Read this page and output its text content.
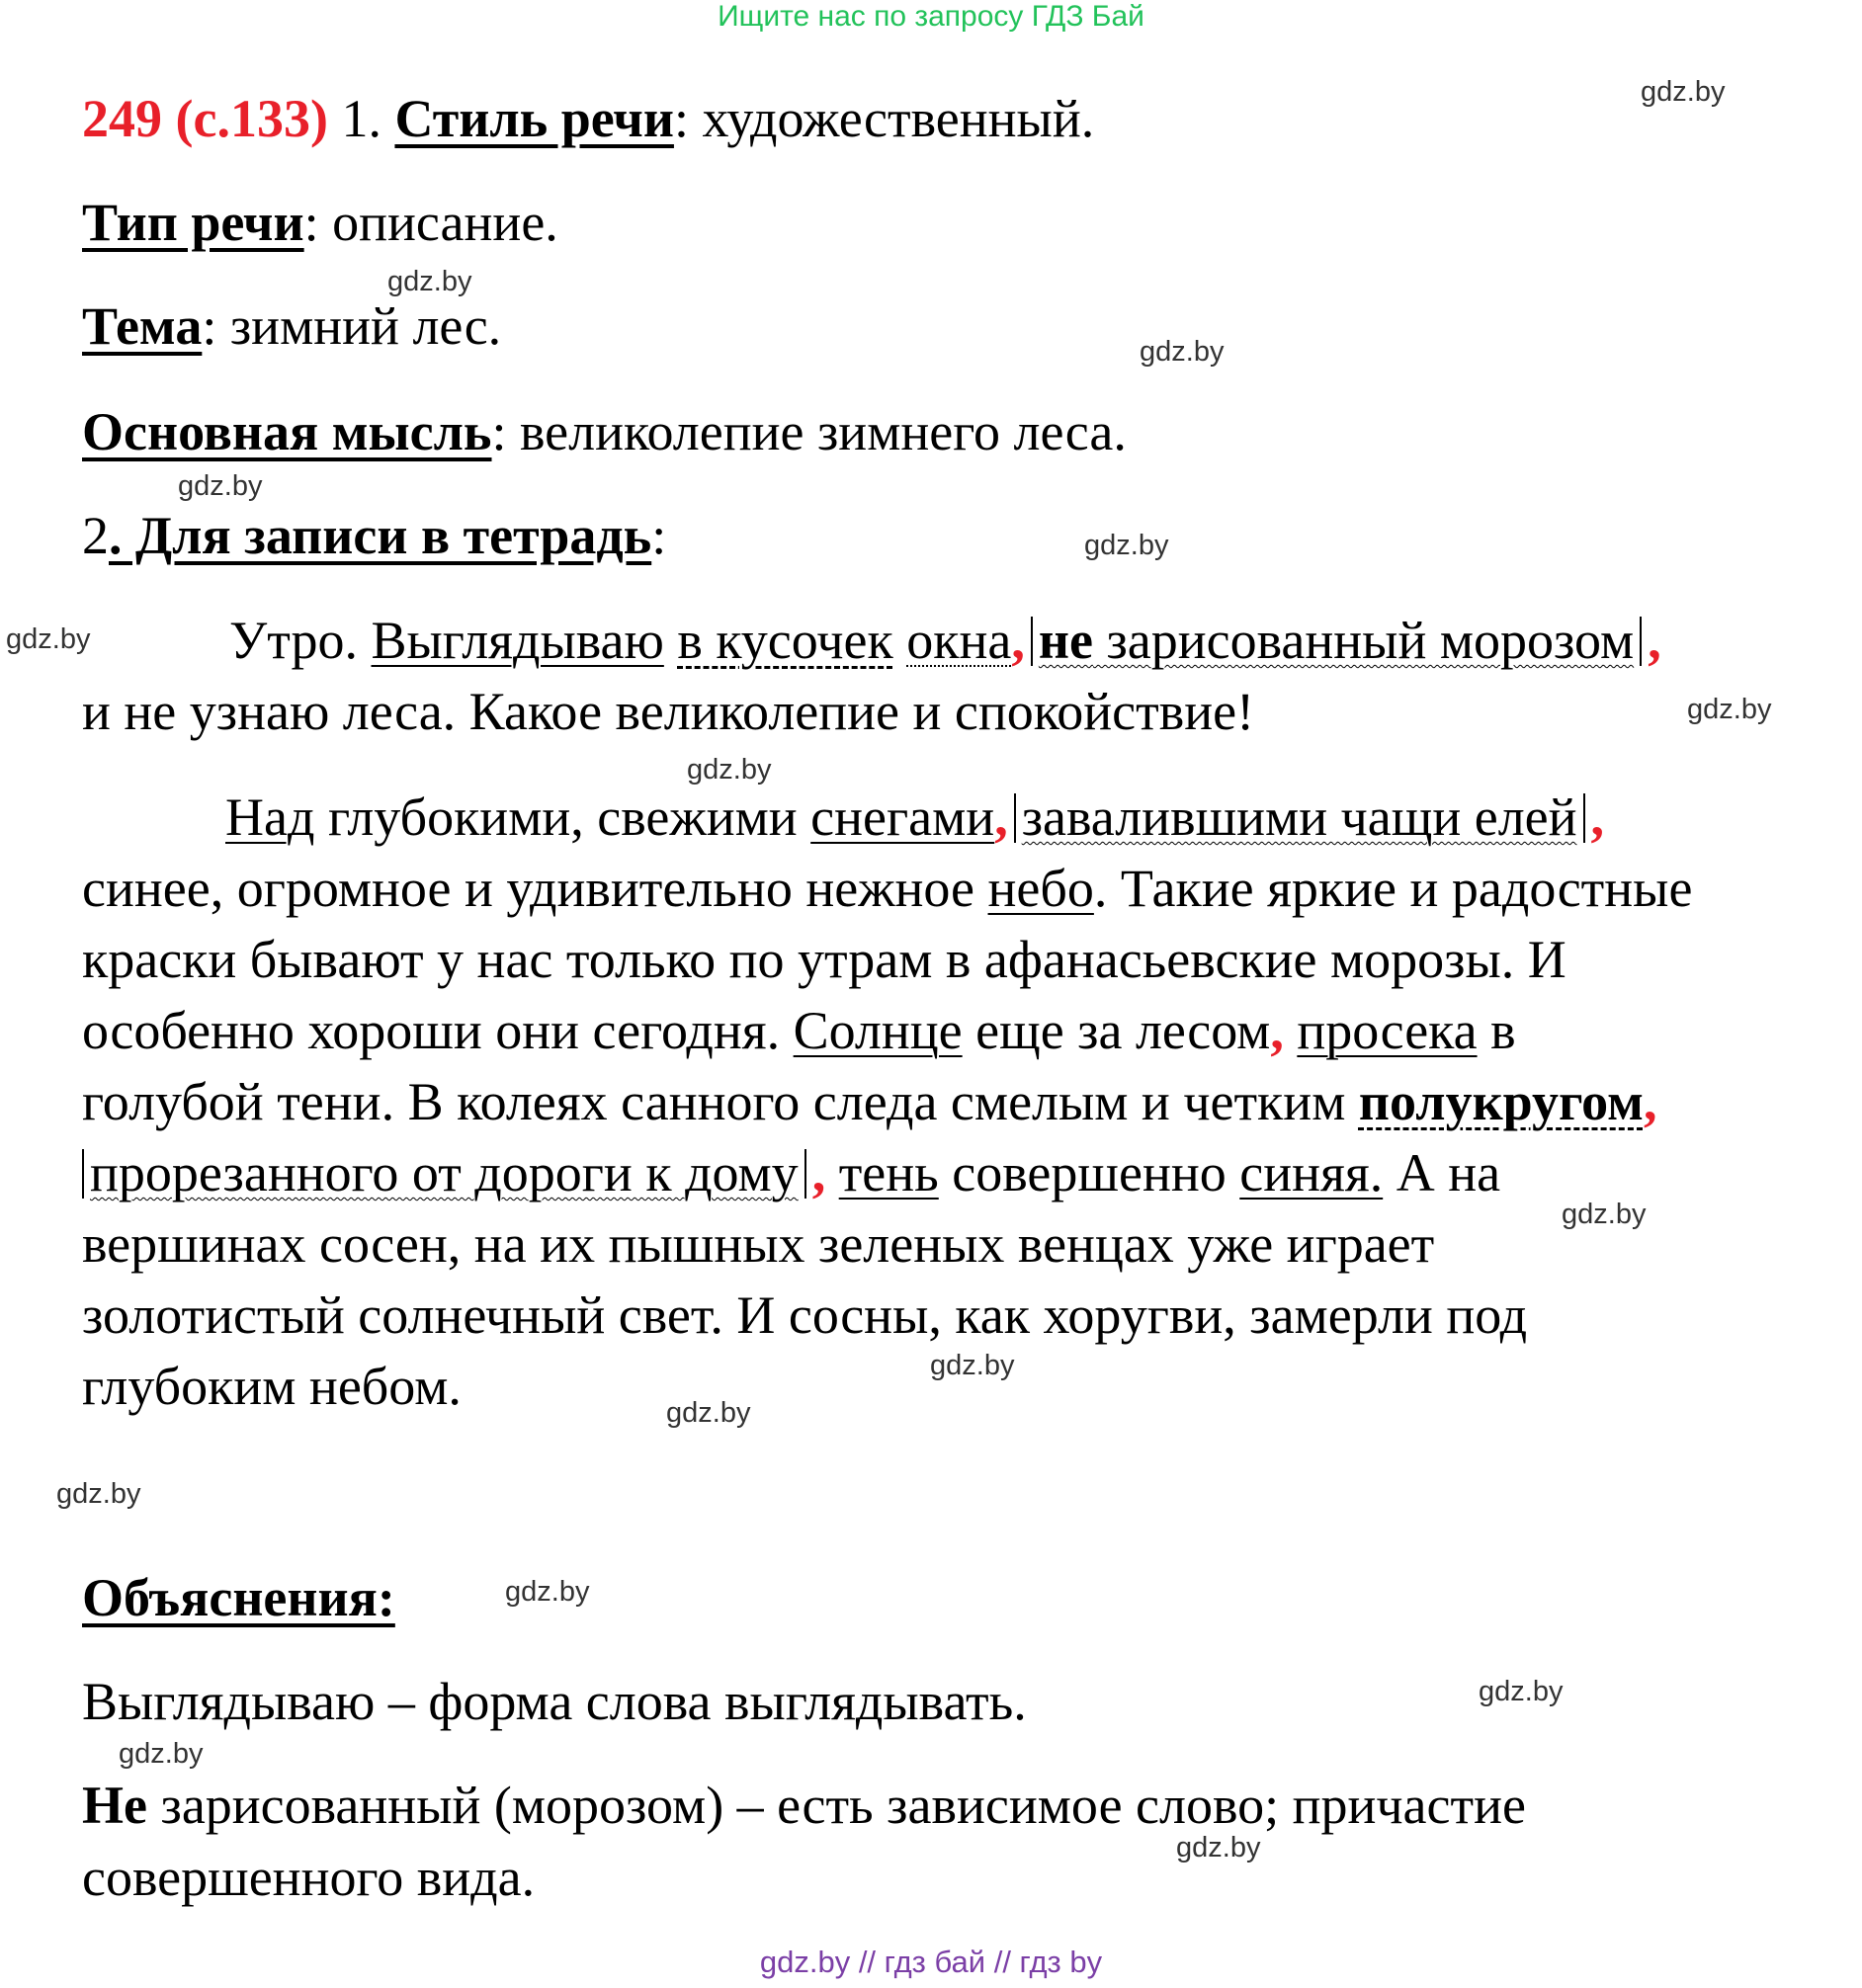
Ищите нас по запросу ГДЗ Бай
249 (с.133) 1. Стиль речи: художественный.
Тип речи: описание.
Тема: зимний лес.
Основная мысль: великолепие зимнего леса.
2. Для записи в тетрадь:
Утро. Выглядываю в кусочек окна, не зарисованный морозом ,
и не узнаю леса. Какое великолепие и спокойствие!
Над глубокими, свежими снегами, завалившими чащи елей ,
синее, огромное и удивительно нежное небо. Такие яркие и радостные
краски бывают у нас только по утрам в афанасьевские морозы. И
особенно хороши они сегодня. Солнце еще за лесом, просека в
голубой тени. В колеях санного следа смелым и четким полукругом,
прорезанного от дороги к дому , тень совершенно синяя. А на
вершинах сосен, на их пышных зеленых венцах уже играет
золотистый солнечный свет. И сосны, как хоругви, замерли под
глубоким небом.
Объяснения:
Выглядываю – форма слова выглядывать.
Не зарисованный (морозом) – есть зависимое слово; причастие
совершенного вида.
gdz.by
gdz.by
gdz.by
gdz.by
gdz.by
gdz.by
gdz.by
gdz.by
gdz.by
gdz.by
gdz.by
gdz.by
gdz.by
gdz.by
gdz.by
gdz.by
gdz.by // гдз бай // гдз by
